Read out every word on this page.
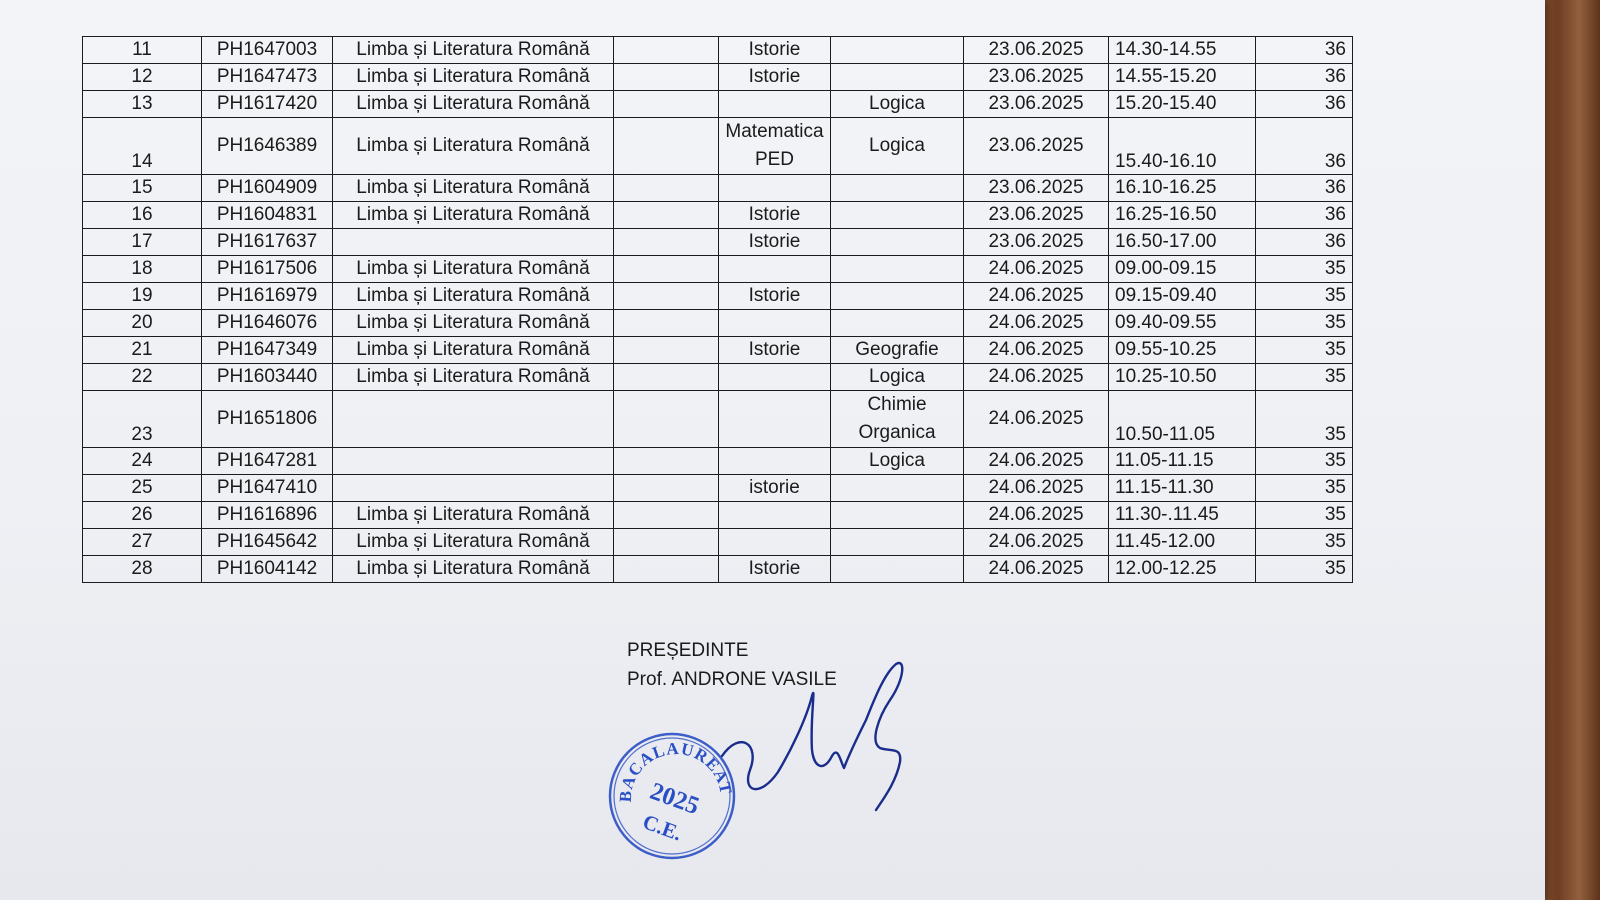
11	PH1647003	Limba și Literatura Română		Istorie		23.06.2025	14.30-14.55	36
12	PH1647473	Limba și Literatura Română		Istorie		23.06.2025	14.55-15.20	36
13	PH1617420	Limba și Literatura Română			Logica	23.06.2025	15.20-15.40	36
14	PH1646389	Limba și Literatura Română		Matematica PED	Logica	23.06.2025	15.40-16.10	36
15	PH1604909	Limba și Literatura Română				23.06.2025	16.10-16.25	36
16	PH1604831	Limba și Literatura Română		Istorie		23.06.2025	16.25-16.50	36
17	PH1617637			Istorie		23.06.2025	16.50-17.00	36
18	PH1617506	Limba și Literatura Română				24.06.2025	09.00-09.15	35
19	PH1616979	Limba și Literatura Română		Istorie		24.06.2025	09.15-09.40	35
20	PH1646076	Limba și Literatura Română				24.06.2025	09.40-09.55	35
21	PH1647349	Limba și Literatura Română		Istorie	Geografie	24.06.2025	09.55-10.25	35
22	PH1603440	Limba și Literatura Română			Logica	24.06.2025	10.25-10.50	35
23	PH1651806				Chimie Organica	24.06.2025	10.50-11.05	35
24	PH1647281				Logica	24.06.2025	11.05-11.15	35
25	PH1647410			istorie		24.06.2025	11.15-11.30	35
26	PH1616896	Limba și Literatura Română				24.06.2025	11.30-.11.45	35
27	PH1645642	Limba și Literatura Română				24.06.2025	11.45-12.00	35
28	PH1604142	Limba și Literatura Română		Istorie		24.06.2025	12.00-12.25	35
PREȘEDINTE
Prof. ANDRONE VASILE
BACALAUREAT
2025
C.E.
